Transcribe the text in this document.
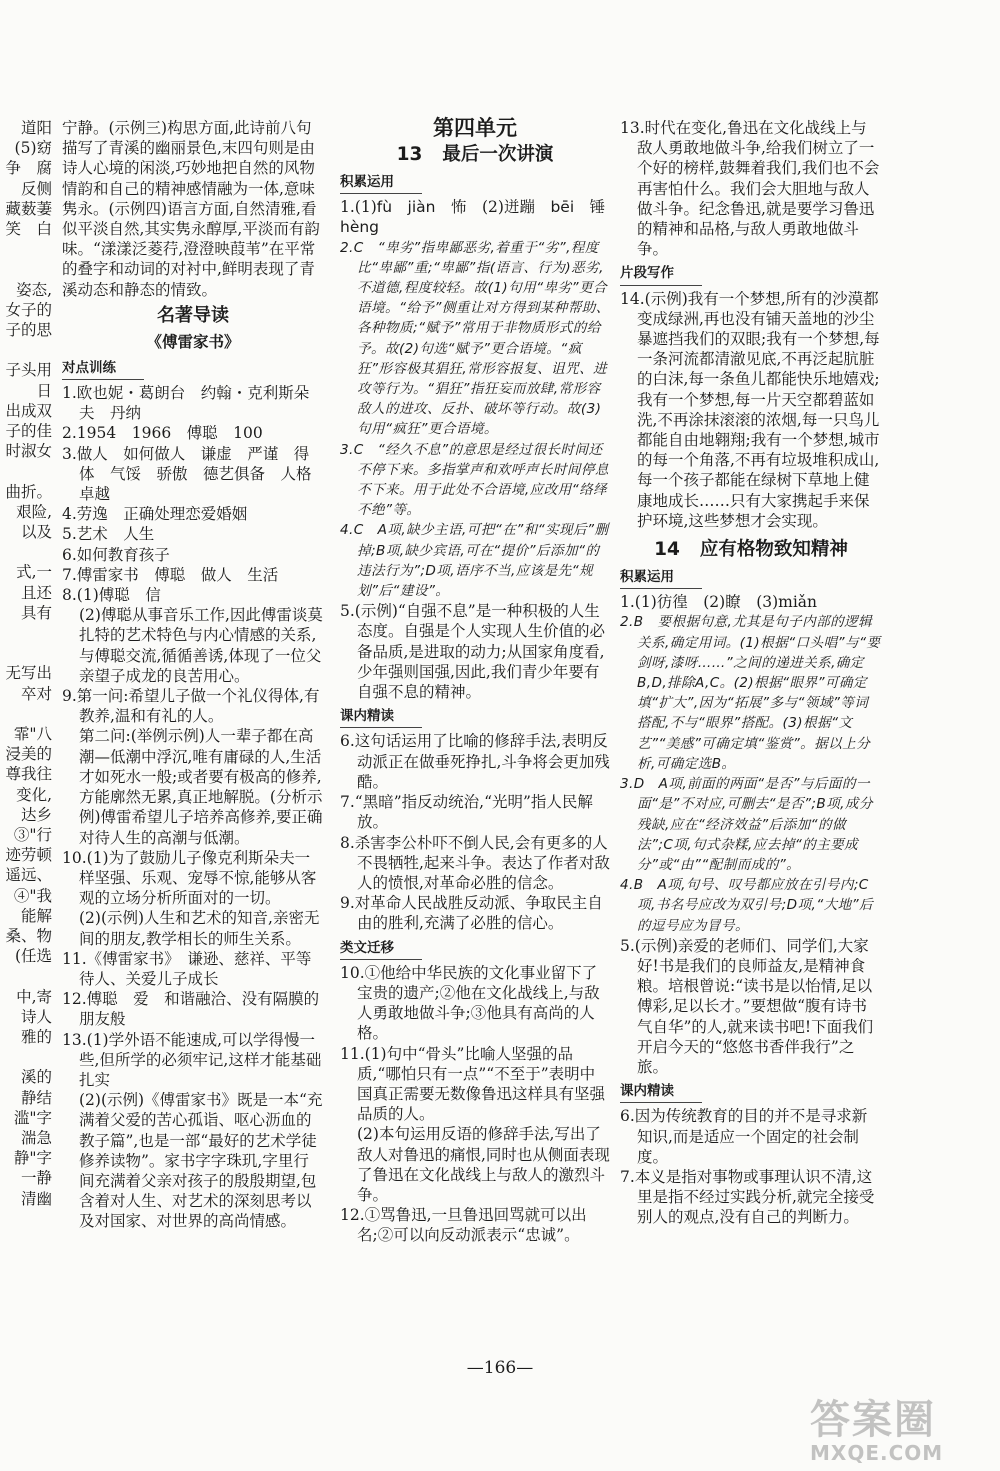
道阳
(5)窈
争　腐
反侧
藏薮萋
笑　白
姿态,
女子的
子的思
子头用
日
出成双
子的佳
时淑女
曲折。
艰险,
以及
式,一
且还
具有
无写出
卒对
霏"八
浸美的
尊我往
变化,
达乡
③"行
迹劳顿
遥远、
④"我
能解
桑、物
(任选
中,寄
诗人
雅的
溪的
静结
滥"字
湍急
静"字
一静
清幽
宁静。(示例三)构思方面,此诗前八句描写了青溪的幽丽景色,末四句则是由诗人心境的闲淡,巧妙地把自然的风物情韵和自己的精神感情融为一体,意味隽永。(示例四)语言方面,自然清雅,看似平淡自然,其实隽永醇厚,平淡而有韵味。“漾漾泛菱荇,澄澄映葭苇”在平常的叠字和动词的对衬中,鲜明表现了青溪动态和静态的情致。
名著导读
《傅雷家书》
对点训练
1.欧也妮・葛朗台　约翰・克利斯朵夫　丹纳
2.1954　1966　傅聪　100
3.做人　如何做人　谦虚　严谨　得体　气馁　骄傲　德艺俱备　人格卓越
4.劳逸　正确处理恋爱婚姻
5.艺术　人生
6.如何教育孩子
7.傅雷家书　傅聪　做人　生活
8.(1)傅聪　信
(2)傅聪从事音乐工作,因此傅雷谈莫扎特的艺术特色与内心情感的关系,与傅聪交流,循循善诱,体现了一位父亲望子成龙的良苦用心。
9.第一问:希望儿子做一个礼仪得体,有教养,温和有礼的人。
第二问:(举例示例)人一辈子都在高潮—低潮中浮沉,唯有庸碌的人,生活才如死水一般;或者要有极高的修养,方能廓然无累,真正地解脱。(分析示例)傅雷希望儿子培养高修养,要正确对待人生的高潮与低潮。
10.(1)为了鼓励儿子像克利斯朵夫一样坚强、乐观、宠辱不惊,能够从客观的立场分析所面对的一切。
(2)(示例)人生和艺术的知音,亲密无间的朋友,教学相长的师生关系。
11.《傅雷家书》　谦逊、慈祥、平等待人、关爱儿子成长
12.傅聪　爱　和谐融洽、没有隔膜的朋友般
13.(1)学外语不能速成,可以学得慢一些,但所学的必须牢记,这样才能基础扎实
(2)(示例)《傅雷家书》既是一本“充满着父爱的苦心孤诣、呕心沥血的教子篇”,也是一部“最好的艺术学徒修养读物”。家书字字珠玑,字里行间充满着父亲对孩子的殷殷期望,包含着对人生、对艺术的深刻思考以及对国家、对世界的高尚情感。
第四单元
13 最后一次讲演
积累运用
1.(1)fù　jiàn　 怖　(2)迸蹦　 bēi　锤
hèng
2.C　“卑劣”指卑鄙恶劣,着重于“劣”,程度比“卑鄙”重;“卑鄙”指(语言、行为)恶劣,不道德,程度较轻。故(1)句用“卑劣”更合语境。“给予”侧重让对方得到某种帮助、各种物质;“赋予”常用于非物质形式的给予。故(2)句选“赋予”更合语境。“疯狂”形容极其猖狂,常形容报复、诅咒、进攻等行为。“猖狂”指狂妄而放肆,常形容敌人的进攻、反扑、破坏等行动。故(3)句用“疯狂”更合语境。
3.C　“经久不息”的意思是经过很长时间还不停下来。多指掌声和欢呼声长时间停息不下来。用于此处不合语境,应改用“络绎不绝”等。
4.C　A项,缺少主语,可把“在”和“实现后”删掉;B项,缺少宾语,可在“提价”后添加“的违法行为”;D项,语序不当,应该是先“规划”后“建设”。
5.(示例)“自强不息”是一种积极的人生态度。自强是个人实现人生价值的必备品质,是进取的动力;从国家角度看,少年强则国强,因此,我们青少年要有自强不息的精神。
课内精读
6.这句话运用了比喻的修辞手法,表明反动派正在做垂死挣扎,斗争将会更加残酷。
7.“黑暗”指反动统治,“光明”指人民解放。
8.杀害李公朴吓不倒人民,会有更多的人不畏牺牲,起来斗争。表达了作者对敌人的愤恨,对革命必胜的信念。
9.对革命人民战胜反动派、争取民主自由的胜利,充满了必胜的信心。
类文迁移
10.①他给中华民族的文化事业留下了宝贵的遗产;②他在文化战线上,与敌人勇敢地做斗争;③他具有高尚的人格。
11.(1)句中“骨头”比喻人坚强的品质,“哪怕只有一点”“不至于”表明中国真正需要无数像鲁迅这样具有坚强品质的人。
(2)本句运用反语的修辞手法,写出了敌人对鲁迅的痛恨,同时也从侧面表现了鲁迅在文化战线上与敌人的激烈斗争。
12.①骂鲁迅,一旦鲁迅回骂就可以出名;②可以向反动派表示“忠诚”。
13.时代在变化,鲁迅在文化战线上与敌人勇敢地做斗争,给我们树立了一个好的榜样,鼓舞着我们,我们也不会再害怕什么。我们会大胆地与敌人做斗争。纪念鲁迅,就是要学习鲁迅的精神和品格,与敌人勇敢地做斗争。
片段写作
14.(示例)我有一个梦想,所有的沙漠都变成绿洲,再也没有铺天盖地的沙尘暴遮挡我们的双眼;我有一个梦想,每一条河流都清澈见底,不再泛起肮脏的白沫,每一条鱼儿都能快乐地嬉戏;我有一个梦想,每一片天空都碧蓝如洗,不再涂抹滚滚的浓烟,每一只鸟儿都能自由地翱翔;我有一个梦想,城市的每一个角落,不再有垃圾堆积成山,每一个孩子都能在绿树下草地上健康地成长……只有大家携起手来保护环境,这些梦想才会实现。
14 应有格物致知精神
积累运用
1.(1)彷徨　(2)瞭　(3)miǎn
2.B　要根据句意,尤其是句子内部的逻辑关系,确定用词。(1)根据“口头唱”与“要剑呀,漆呀……”之间的递进关系,确定B,D,排除A,C。(2)根据“眼界”可确定填“扩大”,因为“拓展”多与“领域”等词搭配,不与“眼界”搭配。(3)根据“文艺”“美感”可确定填“鉴赏”。据以上分析,可确定选B。
3.D　A项,前面的两面“是否”与后面的一面“是”不对应,可删去“是否”;B项,成分残缺,应在“经济效益”后添加“的做法”;C项,句式杂糅,应去掉“的主要成分”或“由”“配制而成的”。
4.B　A项,句号、叹号都应放在引号内;C项,书名号应改为双引号;D项,“大地”后的逗号应为冒号。
5.(示例)亲爱的老师们、同学们,大家好!书是我们的良师益友,是精神食粮。培根曾说:“读书是以怡情,足以傅彩,足以长才。”要想做“腹有诗书气自华”的人,就来读书吧!下面我们开启今天的“悠悠书香伴我行”之旅。
课内精读
6.因为传统教育的目的并不是寻求新知识,而是适应一个固定的社会制度。
7.本义是指对事物或事理认识不清,这里是指不经过实践分析,就完全接受别人的观点,没有自己的判断力。
—166—
答案圈
MXQE.COM
